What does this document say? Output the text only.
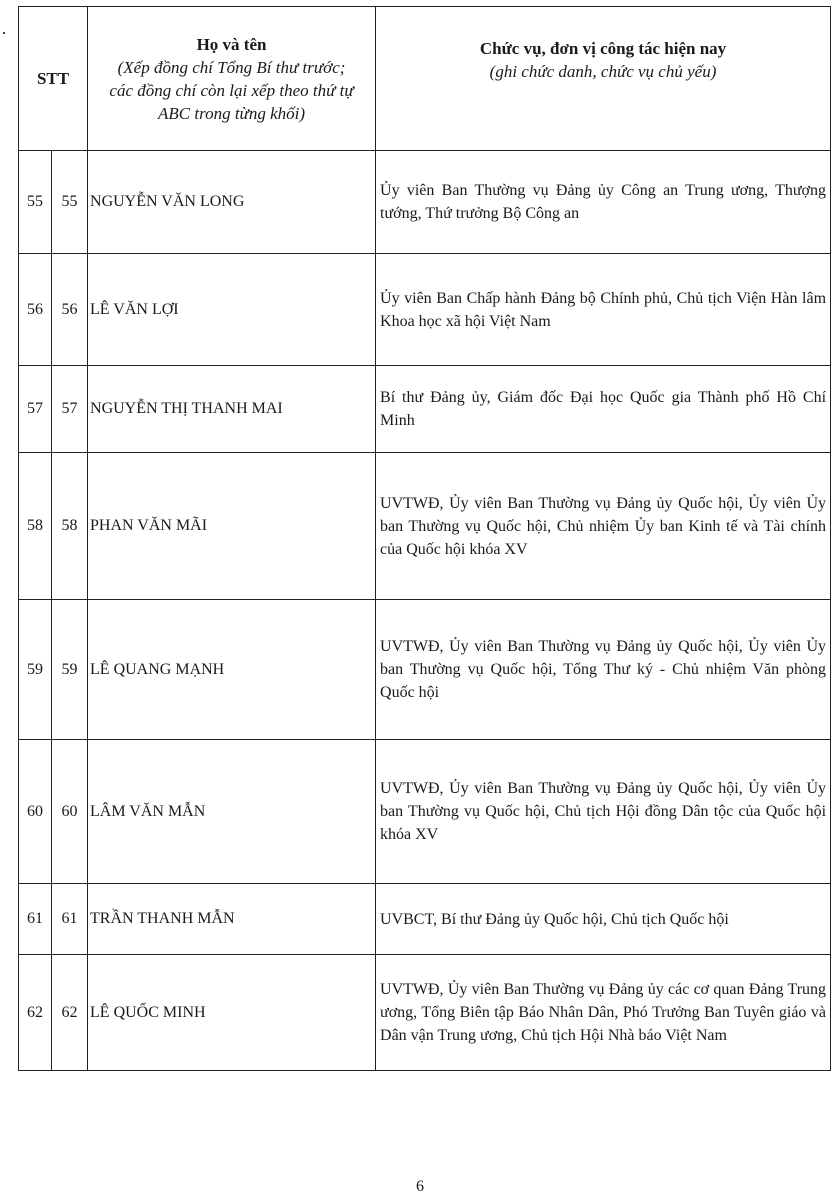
STT		Họ và tên
(Xếp đồng chí Tổng Bí thư trước;
các đồng chí còn lại xếp theo thứ tự
ABC trong từng khối)	Chức vụ, đơn vị công tác hiện nay
(ghi chức danh, chức vụ chủ yếu)

55	55	NGUYỄN VĂN LONG	Ủy viên Ban Thường vụ Đảng ủy Công an Trung ương, Thượng tướng, Thứ trưởng Bộ Công an
56	56	LÊ VĂN LỢI	Ủy viên Ban Chấp hành Đảng bộ Chính phủ, Chủ tịch Viện Hàn lâm Khoa học xã hội Việt Nam
57	57	NGUYỄN THỊ THANH MAI	Bí thư Đảng ủy, Giám đốc Đại học Quốc gia Thành phố Hồ Chí Minh
58	58	PHAN VĂN MÃI	UVTWĐ, Ủy viên Ban Thường vụ Đảng ủy Quốc hội, Ủy viên Ủy ban Thường vụ Quốc hội, Chủ nhiệm Ủy ban Kinh tế và Tài chính của Quốc hội khóa XV
59	59	LÊ QUANG MẠNH	UVTWĐ, Ủy viên Ban Thường vụ Đảng ủy Quốc hội, Ủy viên Ủy ban Thường vụ Quốc hội, Tổng Thư ký - Chủ nhiệm Văn phòng Quốc hội
60	60	LÂM VĂN MẪN	UVTWĐ, Ủy viên Ban Thường vụ Đảng ủy Quốc hội, Ủy viên Ủy ban Thường vụ Quốc hội, Chủ tịch Hội đồng Dân tộc của Quốc hội khóa XV
61	61	TRẦN THANH MẪN	UVBCT, Bí thư Đảng ủy Quốc hội, Chủ tịch Quốc hội
62	62	LÊ QUỐC MINH	UVTWĐ, Ủy viên Ban Thường vụ Đảng ủy các cơ quan Đảng Trung ương, Tổng Biên tập Báo Nhân Dân, Phó Trưởng Ban Tuyên giáo và Dân vận Trung ương, Chủ tịch Hội Nhà báo Việt Nam
6
